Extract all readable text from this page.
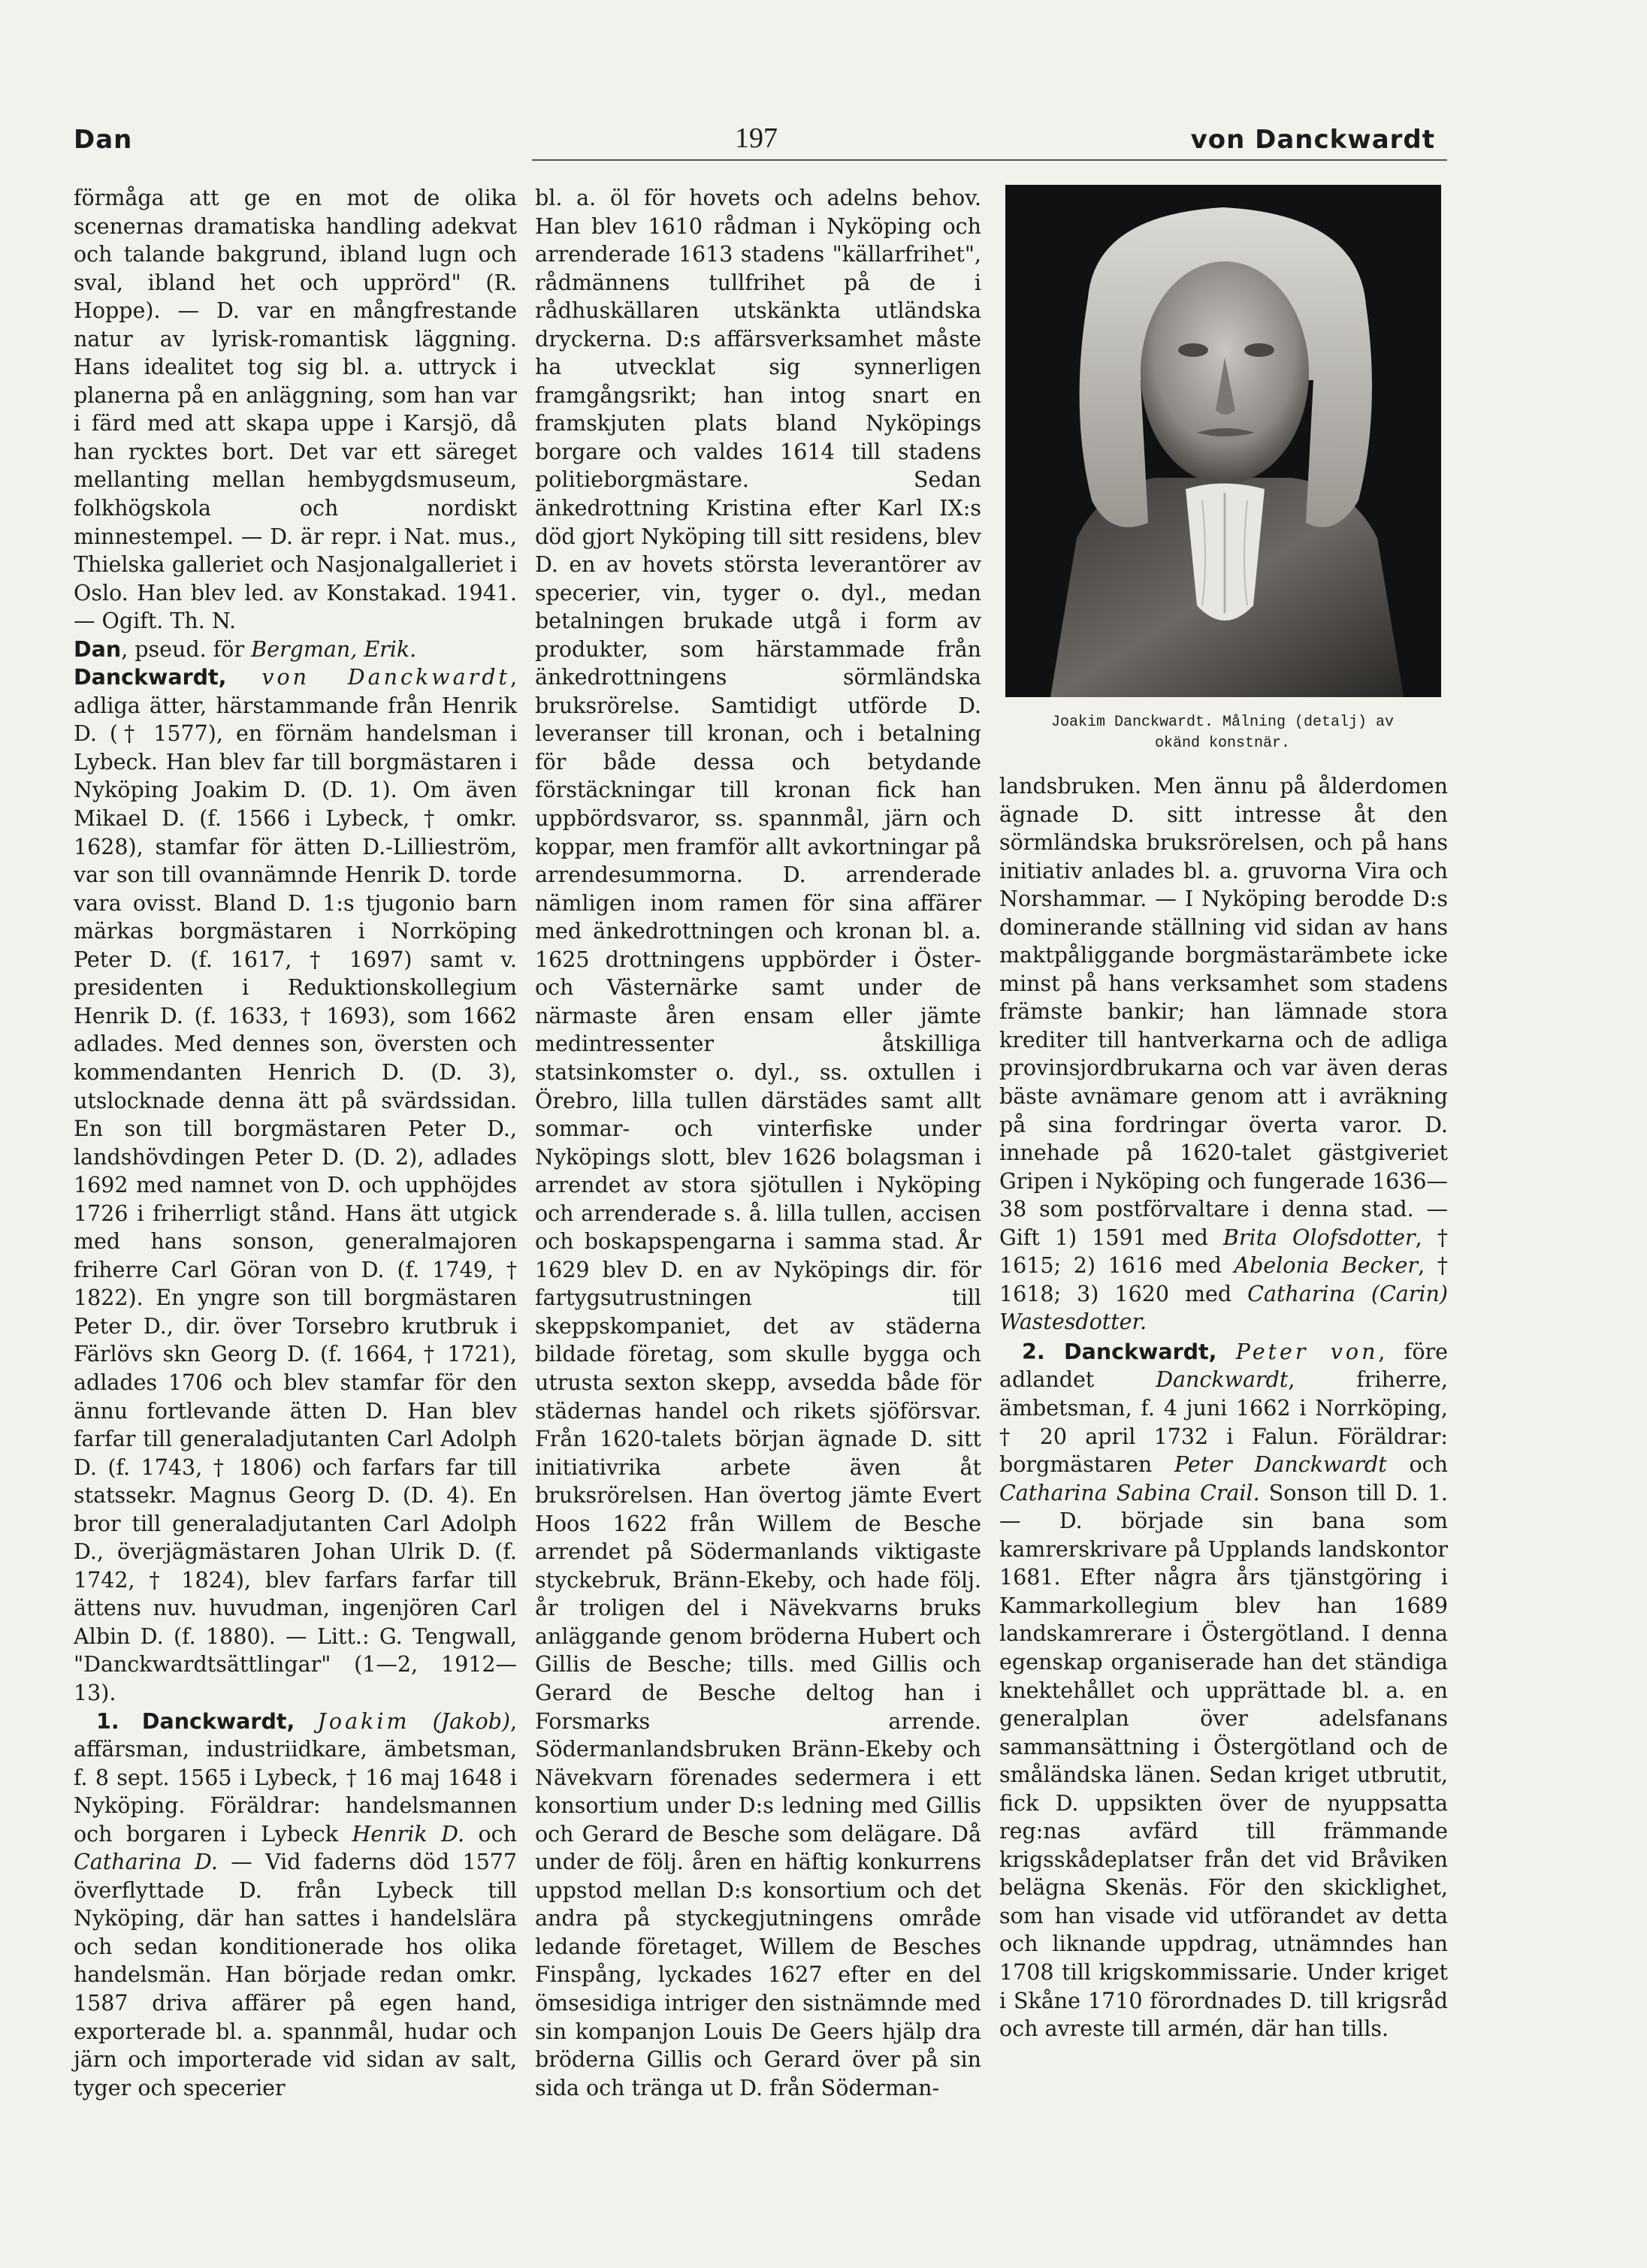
Dan	197	von Danckwardt

förmåga att ge en mot de olika scenernas dramatiska handling adekvat och talande bakgrund, ibland lugn och sval, ibland het och upprörd" (R. Hoppe). — D. var en mångfrestande natur av lyrisk-romantisk läggning. Hans idealitet tog sig bl. a. uttryck i planerna på en anläggning, som han var i färd med att skapa uppe i Karsjö, då han rycktes bort. Det var ett säreget mellanting mellan hembygdsmuseum, folkhögskola och nordiskt minnestempel. — D. är repr. i Nat. mus., Thielska galleriet och Nasjonalgalleriet i Oslo. Han blev led. av Konstakad. 1941. — Ogift. Th. N.

Dan, pseud. för Bergman, Erik.

Danckwardt, von Danckwardt, adliga ätter, härstammande från Henrik D. († 1577), en förnäm handelsman i Lybeck. Han blev far till borgmästaren i Nyköping Joakim D. (D. 1). Om även Mikael D. (f. 1566 i Lybeck, † omkr. 1628), stamfar för ätten D.-Lillieström, var son till ovannämnde Henrik D. torde vara ovisst. Bland D. 1:s tjugonio barn märkas borgmästaren i Norrköping Peter D. (f. 1617, † 1697) samt v. presidenten i Reduktionskollegium Henrik D. (f. 1633, † 1693), som 1662 adlades. Med dennes son, översten och kommendanten Henrich D. (D. 3), utslocknade denna ätt på svärdssidan. En son till borgmästaren Peter D., landshövdingen Peter D. (D. 2), adlades 1692 med namnet von D. och upphöjdes 1726 i friherrligt stånd. Hans ätt utgick med hans sonson, generalmajoren friherre Carl Göran von D. (f. 1749, † 1822). En yngre son till borgmästaren Peter D., dir. över Torsebro krutbruk i Färlövs skn Georg D. (f. 1664, † 1721), adlades 1706 och blev stamfar för den ännu fortlevande ätten D. Han blev farfar till generaladjutanten Carl Adolph D. (f. 1743, † 1806) och farfars far till statssekr. Magnus Georg D. (D. 4). En bror till generaladjutanten Carl Adolph D., överjägmästaren Johan Ulrik D. (f. 1742, † 1824), blev farfars farfar till ättens nuv. huvudman, ingenjören Carl Albin D. (f. 1880). — Litt.: G. Tengwall, "Danckwardtsättlingar" (1—2, 1912—13).

1. Danckwardt, Joakim (Jakob), affärsman, industriidkare, ämbetsman, f. 8 sept. 1565 i Lybeck, † 16 maj 1648 i Nyköping. Föräldrar: handelsmannen och borgaren i Lybeck Henrik D. och Catharina D. — Vid faderns död 1577 överflyttade D. från Lybeck till Nyköping, där han sattes i handelslära och sedan konditionerade hos olika handelsmän. Han började redan omkr. 1587 driva affärer på egen hand, exporterade bl. a. spannmål, hudar och järn och importerade vid sidan av salt, tyger och specerier

bl. a. öl för hovets och adelns behov. Han blev 1610 rådman i Nyköping och arrenderade 1613 stadens "källarfrihet", rådmännens tullfrihet på de i rådhuskällaren utskänkta utländska dryckerna. D:s affärsverksamhet måste ha utvecklat sig synnerligen framgångsrikt; han intog snart en framskjuten plats bland Nyköpings borgare och valdes 1614 till stadens politieborgmästare. Sedan änkedrottning Kristina efter Karl IX:s död gjort Nyköping till sitt residens, blev D. en av hovets största leverantörer av specerier, vin, tyger o. dyl., medan betalningen brukade utgå i form av produkter, som härstammade från änkedrottningens sörmländska bruksrörelse. Samtidigt utförde D. leveranser till kronan, och i betalning för både dessa och betydande förstäckningar till kronan fick han uppbördsvaror, ss. spannmål, järn och koppar, men framför allt avkortningar på arrendesummorna. D. arrenderade nämligen inom ramen för sina affärer med änkedrottningen och kronan bl. a. 1625 drottningens uppbörder i Öster- och Västernärke samt under de närmaste åren ensam eller jämte medintressenter åtskilliga statsinkomster o. dyl., ss. oxtullen i Örebro, lilla tullen därstädes samt allt sommar- och vinterfiske under Nyköpings slott, blev 1626 bolagsman i arrendet av stora sjötullen i Nyköping och arrenderade s. å. lilla tullen, accisen och boskapspengarna i samma stad. År 1629 blev D. en av Nyköpings dir. för fartygsutrustningen till skeppskompaniet, det av städerna bildade företag, som skulle bygga och utrusta sexton skepp, avsedda både för städernas handel och rikets sjöförsvar. Från 1620-talets början ägnade D. sitt initiativrika arbete även åt bruksrörelsen. Han övertog jämte Evert Hoos 1622 från Willem de Besche arrendet på Södermanlands viktigaste styckebruk, Bränn-Ekeby, och hade följ. år troligen del i Nävekvarns bruks anläggande genom bröderna Hubert och Gillis de Besche; tills. med Gillis och Gerard de Besche deltog han i Forsmarks arrende. Södermanlandsbruken Bränn-Ekeby och Nävekvarn förenades sedermera i ett konsortium under D:s ledning med Gillis och Gerard de Besche som delägare. Då under de följ. åren en häftig konkurrens uppstod mellan D:s konsortium och det andra på styckegjutningens område ledande företaget, Willem de Besches Finspång, lyckades 1627 efter en del ömsesidiga intriger den sistnämnde med sin kompanjon Louis De Geers hjälp dra bröderna Gillis och Gerard över på sin sida och tränga ut D. från Söderman-

Joakim Danckwardt. Målning (detalj) av
okänd konstnär.

landsbruken. Men ännu på ålderdomen ägnade D. sitt intresse åt den sörmländska bruksrörelsen, och på hans initiativ anlades bl. a. gruvorna Vira och Norshammar. — I Nyköping berodde D:s dominerande ställning vid sidan av hans maktpåliggande borgmästarämbete icke minst på hans verksamhet som stadens främste bankir; han lämnade stora krediter till hantverkarna och de adliga provinsjordbrukarna och var även deras bäste avnämare genom att i avräkning på sina fordringar överta varor. D. innehade på 1620-talet gästgiveriet Gripen i Nyköping och fungerade 1636—38 som postförvaltare i denna stad. — Gift 1) 1591 med Brita Olofsdotter, † 1615; 2) 1616 med Abelonia Becker, † 1618; 3) 1620 med Catharina (Carin) Wastesdotter.

2. Danckwardt, Peter von, före adlandet Danckwardt, friherre, ämbetsman, f. 4 juni 1662 i Norrköping, † 20 april 1732 i Falun. Föräldrar: borgmästaren Peter Danckwardt och Catharina Sabina Crail. Sonson till D. 1. — D. började sin bana som kamrerskrivare på Upplands landskontor 1681. Efter några års tjänstgöring i Kammarkollegium blev han 1689 landskamrerare i Östergötland. I denna egenskap organiserade han det ständiga knektehållet och upprättade bl. a. en generalplan över adelsfanans sammansättning i Östergötland och de småländska länen. Sedan kriget utbrutit, fick D. uppsikten över de nyuppsatta reg:nas avfärd till främmande krigsskådeplatser från det vid Bråviken belägna Skenäs. För den skicklighet, som han visade vid utförandet av detta och liknande uppdrag, utnämndes han 1708 till krigskommissarie. Under kriget i Skåne 1710 förordnades D. till krigsråd och avreste till armén, där han tills.
